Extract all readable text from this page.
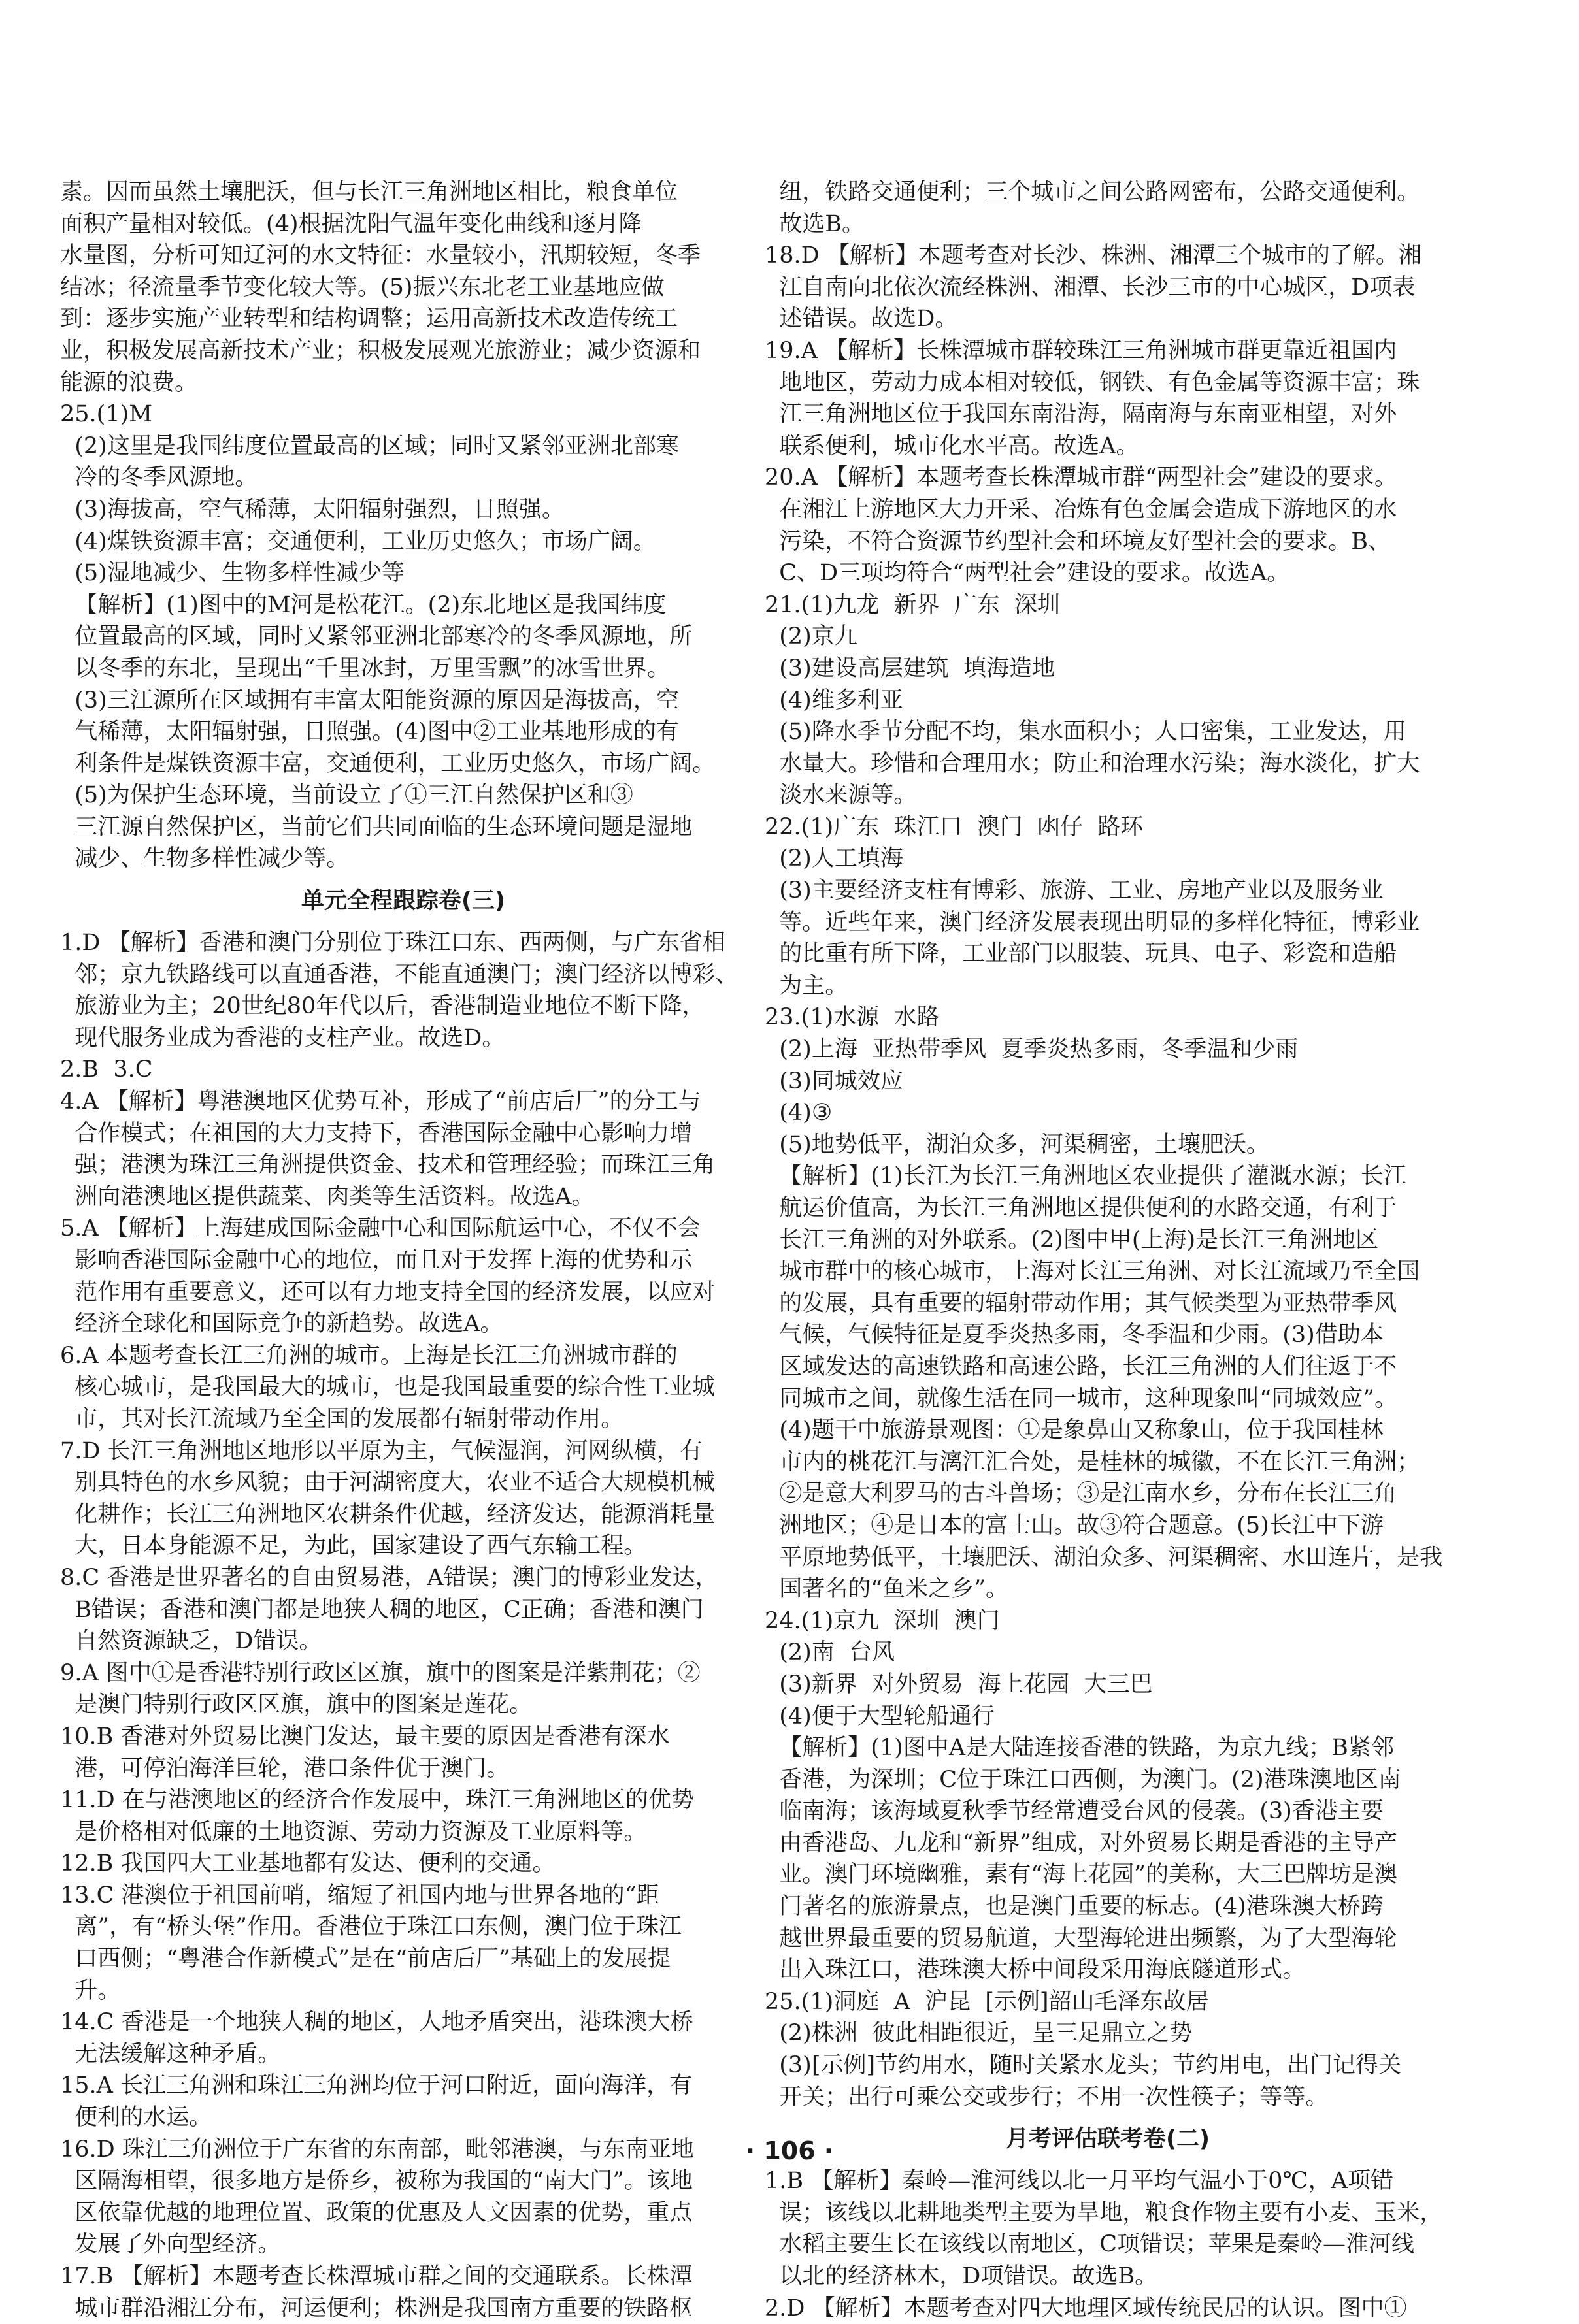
素。因而虽然土壤肥沃，但与长江三角洲地区相比，粮食单位
面积产量相对较低。(4)根据沈阳气温年变化曲线和逐月降
水量图，分析可知辽河的水文特征：水量较小，汛期较短，冬季
结冰；径流量季节变化较大等。(5)振兴东北老工业基地应做
到：逐步实施产业转型和结构调整；运用高新技术改造传统工
业，积极发展高新技术产业；积极发展观光旅游业；减少资源和
能源的浪费。
25.(1)M
(2)这里是我国纬度位置最高的区域；同时又紧邻亚洲北部寒
冷的冬季风源地。
(3)海拔高，空气稀薄，太阳辐射强烈，日照强。
(4)煤铁资源丰富；交通便利，工业历史悠久；市场广阔。
(5)湿地减少、生物多样性减少等
【解析】(1)图中的M河是松花江。(2)东北地区是我国纬度
位置最高的区域，同时又紧邻亚洲北部寒冷的冬季风源地，所
以冬季的东北，呈现出“千里冰封，万里雪飘”的冰雪世界。
(3)三江源所在区域拥有丰富太阳能资源的原因是海拔高，空
气稀薄，太阳辐射强，日照强。(4)图中②工业基地形成的有
利条件是煤铁资源丰富，交通便利，工业历史悠久，市场广阔。
(5)为保护生态环境，当前设立了①三江自然保护区和③
三江源自然保护区，当前它们共同面临的生态环境问题是湿地
减少、生物多样性减少等。
单元全程跟踪卷(三)
1.D 【解析】香港和澳门分别位于珠江口东、西两侧，与广东省相
邻；京九铁路线可以直通香港，不能直通澳门；澳门经济以博彩、
旅游业为主；20世纪80年代以后，香港制造业地位不断下降，
现代服务业成为香港的支柱产业。故选D。
2.B  3.C
4.A 【解析】粤港澳地区优势互补，形成了“前店后厂”的分工与
合作模式；在祖国的大力支持下，香港国际金融中心影响力增
强；港澳为珠江三角洲提供资金、技术和管理经验；而珠江三角
洲向港澳地区提供蔬菜、肉类等生活资料。故选A。
5.A 【解析】上海建成国际金融中心和国际航运中心，不仅不会
影响香港国际金融中心的地位，而且对于发挥上海的优势和示
范作用有重要意义，还可以有力地支持全国的经济发展，以应对
经济全球化和国际竞争的新趋势。故选A。
6.A 本题考查长江三角洲的城市。上海是长江三角洲城市群的
核心城市，是我国最大的城市，也是我国最重要的综合性工业城
市，其对长江流域乃至全国的发展都有辐射带动作用。
7.D 长江三角洲地区地形以平原为主，气候湿润，河网纵横，有
别具特色的水乡风貌；由于河湖密度大，农业不适合大规模机械
化耕作；长江三角洲地区农耕条件优越，经济发达，能源消耗量
大，日本身能源不足，为此，国家建设了西气东输工程。
8.C 香港是世界著名的自由贸易港，A错误；澳门的博彩业发达，
B错误；香港和澳门都是地狭人稠的地区，C正确；香港和澳门
自然资源缺乏，D错误。
9.A 图中①是香港特别行政区区旗，旗中的图案是洋紫荆花；②
是澳门特别行政区区旗，旗中的图案是莲花。
10.B 香港对外贸易比澳门发达，最主要的原因是香港有深水
港，可停泊海洋巨轮，港口条件优于澳门。
11.D 在与港澳地区的经济合作发展中，珠江三角洲地区的优势
是价格相对低廉的土地资源、劳动力资源及工业原料等。
12.B 我国四大工业基地都有发达、便利的交通。
13.C 港澳位于祖国前哨，缩短了祖国内地与世界各地的“距
离”，有“桥头堡”作用。香港位于珠江口东侧，澳门位于珠江
口西侧；“粤港合作新模式”是在“前店后厂”基础上的发展提
升。
14.C 香港是一个地狭人稠的地区，人地矛盾突出，港珠澳大桥
无法缓解这种矛盾。
15.A 长江三角洲和珠江三角洲均位于河口附近，面向海洋，有
便利的水运。
16.D 珠江三角洲位于广东省的东南部，毗邻港澳，与东南亚地
区隔海相望，很多地方是侨乡，被称为我国的“南大门”。该地
区依靠优越的地理位置、政策的优惠及人文因素的优势，重点
发展了外向型经济。
17.B 【解析】本题考查长株潭城市群之间的交通联系。长株潭
城市群沿湘江分布，河运便利；株洲是我国南方重要的铁路枢
纽，铁路交通便利；三个城市之间公路网密布，公路交通便利。
故选B。
18.D 【解析】本题考查对长沙、株洲、湘潭三个城市的了解。湘
江自南向北依次流经株洲、湘潭、长沙三市的中心城区，D项表
述错误。故选D。
19.A 【解析】长株潭城市群较珠江三角洲城市群更靠近祖国内
地地区，劳动力成本相对较低，钢铁、有色金属等资源丰富；珠
江三角洲地区位于我国东南沿海，隔南海与东南亚相望，对外
联系便利，城市化水平高。故选A。
20.A 【解析】本题考查长株潭城市群“两型社会”建设的要求。
在湘江上游地区大力开采、冶炼有色金属会造成下游地区的水
污染，不符合资源节约型社会和环境友好型社会的要求。B、
C、D三项均符合“两型社会”建设的要求。故选A。
21.(1)九龙  新界  广东  深圳
(2)京九
(3)建设高层建筑  填海造地
(4)维多利亚
(5)降水季节分配不均，集水面积小；人口密集，工业发达，用
水量大。珍惜和合理用水；防止和治理水污染；海水淡化，扩大
淡水来源等。
22.(1)广东  珠江口  澳门  凼仔  路环
(2)人工填海
(3)主要经济支柱有博彩、旅游、工业、房地产业以及服务业
等。近些年来，澳门经济发展表现出明显的多样化特征，博彩业
的比重有所下降，工业部门以服装、玩具、电子、彩瓷和造船
为主。
23.(1)水源  水路
(2)上海  亚热带季风  夏季炎热多雨，冬季温和少雨
(3)同城效应
(4)③
(5)地势低平，湖泊众多，河渠稠密，土壤肥沃。
【解析】(1)长江为长江三角洲地区农业提供了灌溉水源；长江
航运价值高，为长江三角洲地区提供便利的水路交通，有利于
长江三角洲的对外联系。(2)图中甲(上海)是长江三角洲地区
城市群中的核心城市，上海对长江三角洲、对长江流域乃至全国
的发展，具有重要的辐射带动作用；其气候类型为亚热带季风
气候，气候特征是夏季炎热多雨，冬季温和少雨。(3)借助本
区域发达的高速铁路和高速公路，长江三角洲的人们往返于不
同城市之间，就像生活在同一城市，这种现象叫“同城效应”。
(4)题干中旅游景观图：①是象鼻山又称象山，位于我国桂林
市内的桃花江与漓江汇合处，是桂林的城徽，不在长江三角洲；
②是意大利罗马的古斗兽场；③是江南水乡，分布在长江三角
洲地区；④是日本的富士山。故③符合题意。(5)长江中下游
平原地势低平，土壤肥沃、湖泊众多、河渠稠密、水田连片，是我
国著名的“鱼米之乡”。
24.(1)京九  深圳  澳门
(2)南  台风
(3)新界  对外贸易  海上花园  大三巴
(4)便于大型轮船通行
【解析】(1)图中A是大陆连接香港的铁路，为京九线；B紧邻
香港，为深圳；C位于珠江口西侧，为澳门。(2)港珠澳地区南
临南海；该海域夏秋季节经常遭受台风的侵袭。(3)香港主要
由香港岛、九龙和“新界”组成，对外贸易长期是香港的主导产
业。澳门环境幽雅，素有“海上花园”的美称，大三巴牌坊是澳
门著名的旅游景点，也是澳门重要的标志。(4)港珠澳大桥跨
越世界最重要的贸易航道，大型海轮进出频繁，为了大型海轮
出入珠江口，港珠澳大桥中间段采用海底隧道形式。
25.(1)洞庭  A  沪昆  [示例]韶山毛泽东故居
(2)株洲  彼此相距很近，呈三足鼎立之势
(3)[示例]节约用水，随时关紧水龙头；节约用电，出门记得关
开关；出行可乘公交或步行；不用一次性筷子；等等。
月考评估联考卷(二)
1.B 【解析】秦岭—淮河线以北一月平均气温小于0℃，A项错
误；该线以北耕地类型主要为旱地，粮食作物主要有小麦、玉米，
水稻主要生长在该线以南地区，C项错误；苹果是秦岭—淮河线
以北的经济林木，D项错误。故选B。
2.D 【解析】本题考查对四大地理区域传统民居的认识。图中①
· 106 ·
